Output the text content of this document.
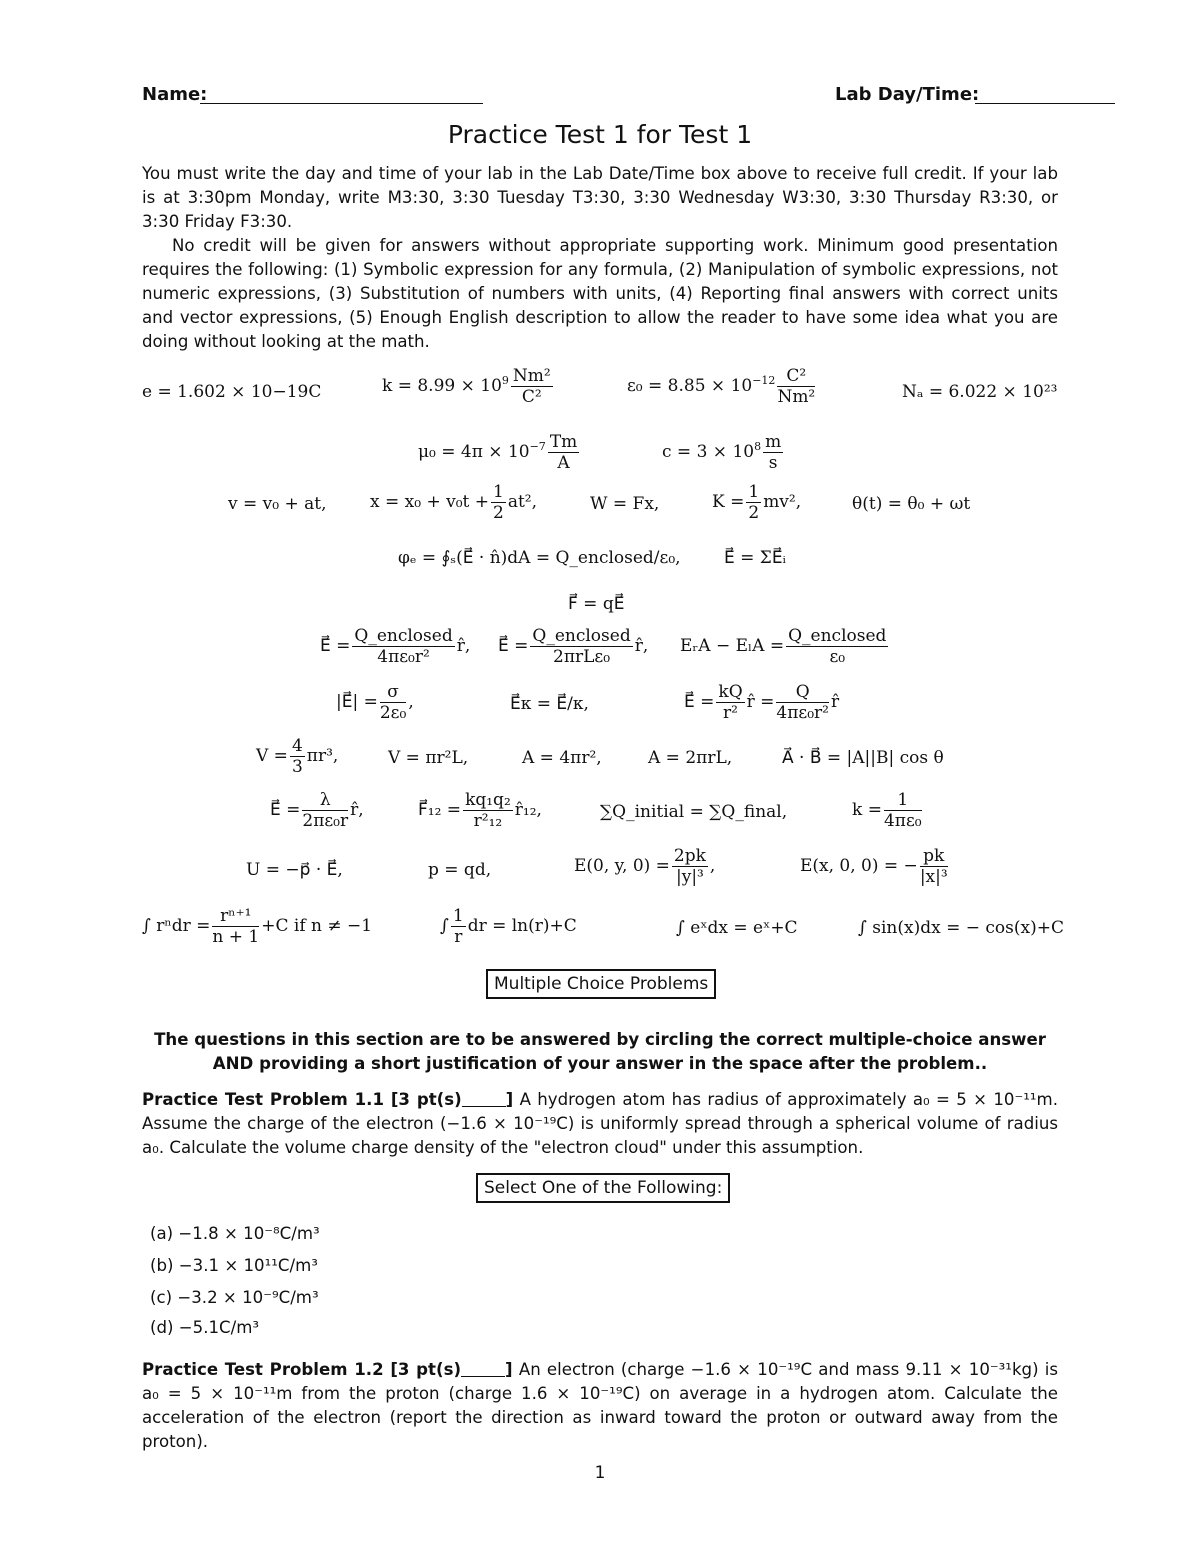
Name:	Lab Day/Time:
Practice Test 1 for Test 1
You must write the day and time of your lab in the Lab Date/Time box above to receive full credit. If your lab is at 3:30pm Monday, write M3:30, 3:30 Tuesday T3:30, 3:30 Wednesday W3:30, 3:30 Thursday R3:30, or 3:30 Friday F3:30.
No credit will be given for answers without appropriate supporting work. Minimum good presentation requires the following: (1) Symbolic expression for any formula, (2) Manipulation of symbolic expressions, not numeric expressions, (3) Substitution of numbers with units, (4) Reporting final answers with correct units and vector expressions, (5) Enough English description to allow the reader to have some idea what you are doing without looking at the math.
e = 1.602 × 10−19C	$k = 8.99 \times 10^9 \frac{\text{Nm²}}{\text{C²}}$	$\varepsilon_0 = 8.85 \times 10^{-12} \frac{\text{C²}}{\text{Nm²}}$	Nₐ = 6.022 × 10²³
$\mu_0 = 4\pi \times 10^{-7} \frac{Tm}{A}$	$c = 3 \times 10^8 \frac{m}{s}$
v = v₀ + at,	$x = x_0 + v_0t + \frac{1}{2} at^2$,	W = Fx,	$K = \frac{1}{2} mv^2$,	θ(t) = θ₀ + ωt
φₑ = ∮ₛ(E⃗ · n̂)dA = Q_enclosed/ε₀,	E⃗ = ΣE⃗ᵢ
F⃗ = qE⃗
E⃗ = $\frac{\text{Q\_enclosed}}{\text{4πε₀r²}}$ r̂, E⃗ = $\frac{\text{Q\_enclosed}}{\text{2πrLε₀}}$ r̂, EᵣA − $E_lA = \frac{\text{Q\_enclosed}}{\text{ε₀}}$
|E⃗| = $\frac{\sigma}{\text{2ε₀}}$ ,	E⃗κ = E⃗/κ,	E⃗ = $\frac{kQ}{\text{r²}}$ r̂ = $\frac{Q}{\text{4πε₀r²}}$ r̂
$V = \frac{4}{3} \pi r^3$,	V = πr²L,	A = 4πr²,	A = 2πrL,	A⃗ · B⃗ = |A||B| cos θ
E⃗ = $\frac{\lambda}{\text{2πε₀r}}$ r̂,	F⃗₁₂ = $\frac{\text{kq₁q₂}}{\text{r²₁₂}}$ r̂₁₂,	∑Q_initial = ∑Q_final,	$k = \frac{1}{\text{4πε₀}}$
U = −p⃗ · E⃗,	p = qd,	E(0, y, $0) = \frac{2pk}{\text{|y|³}}$ ,	E(x, 0, 0) = − $\frac{pk}{\text{|x|³}}$
∫ $r^ndr = \frac{\text{rⁿ⁺¹}}{n + 1} +C$ if n ≠ −1	∫ $\frac{1}{r}$ dr = ln(r)+C	∫ eˣdx = eˣ+C	∫ sin(x)dx = − cos(x)+C
Multiple Choice Problems
The questions in this section are to be answered by circling the correct multiple-choice answer AND providing a short justification of your answer in the space after the problem..
Practice Test Problem 1.1 [3 pt(s)	] A hydrogen atom has radius of approximately a₀ = 5 × 10⁻¹¹m. Assume the charge of the electron (−1.6 × 10⁻¹⁹C) is uniformly spread through a spherical volume of radius a₀. Calculate the volume charge density of the "electron cloud" under this assumption.
Select One of the Following:
(a) −1.8 × 10⁻⁸C/m³
(b) −3.1 × 10¹¹C/m³
(c) −3.2 × 10⁻⁹C/m³
(d) −5.1C/m³
Practice Test Problem 1.2 [3 pt(s)	] An electron (charge −1.6 × 10⁻¹⁹C and mass 9.11 × 10⁻³¹kg) is a₀ = 5 × 10⁻¹¹m from the proton (charge 1.6 × 10⁻¹⁹C) on average in a hydrogen atom. Calculate the acceleration of the electron (report the direction as inward toward the proton or outward away from the proton).
1
